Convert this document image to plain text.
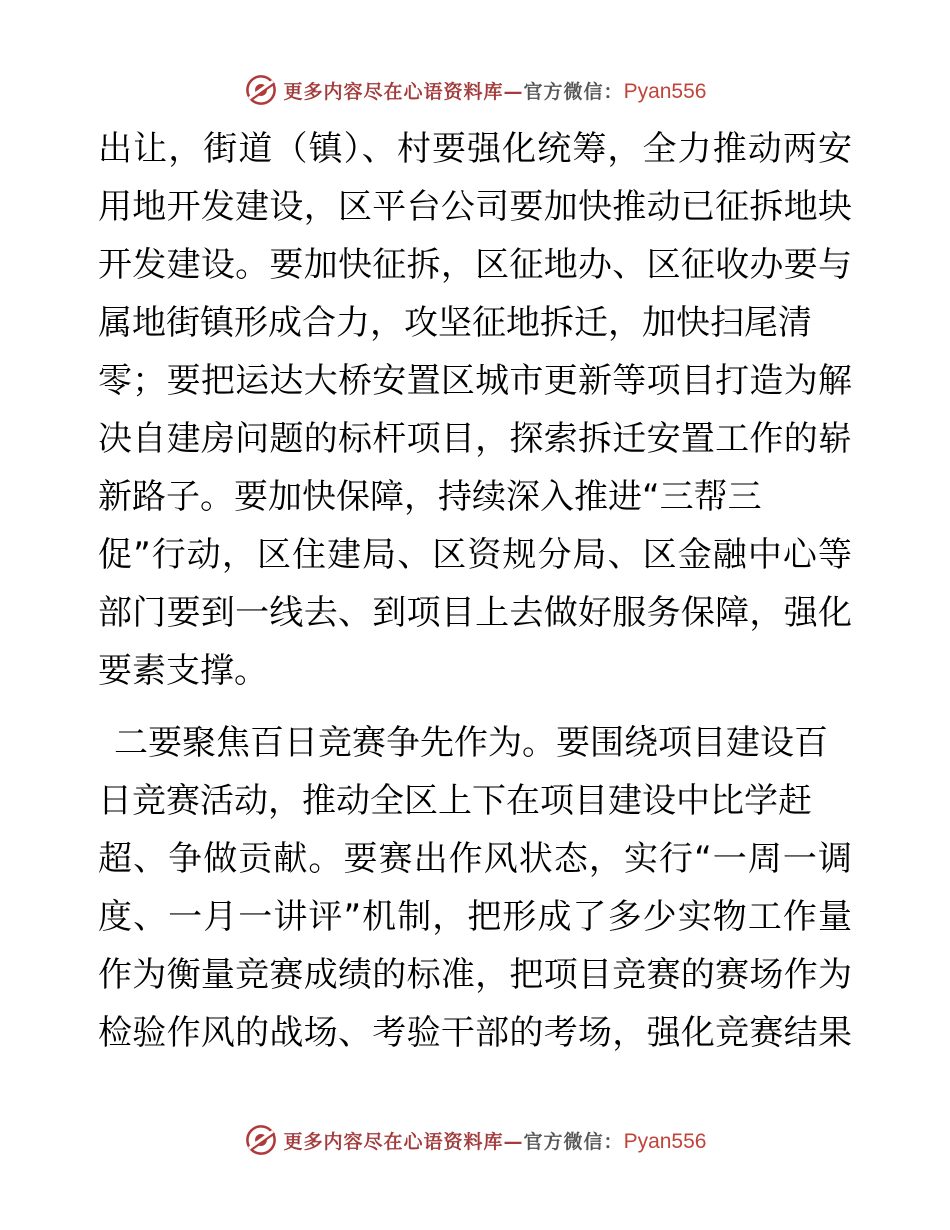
更多内容尽在心语资料库—官方微信：Pyan556
出让，街道（镇）、村要强化统筹，全力推动两安
用地开发建设，区平台公司要加快推动已征拆地块
开发建设。要加快征拆，区征地办、区征收办要与
属地街镇形成合力，攻坚征地拆迁，加快扫尾清
零；要把运达大桥安置区城市更新等项目打造为解
决自建房问题的标杆项目，探索拆迁安置工作的崭
新路子。要加快保障，持续深入推进“三帮三
促”行动，区住建局、区资规分局、区金融中心等
部门要到一线去、到项目上去做好服务保障，强化
要素支撑。
二要聚焦百日竞赛争先作为。要围绕项目建设百
日竞赛活动，推动全区上下在项目建设中比学赶
超、争做贡献。要赛出作风状态，实行“一周一调
度、一月一讲评”机制，把形成了多少实物工作量
作为衡量竞赛成绩的标准，把项目竞赛的赛场作为
检验作风的战场、考验干部的考场，强化竞赛结果
更多内容尽在心语资料库—官方微信：Pyan556
